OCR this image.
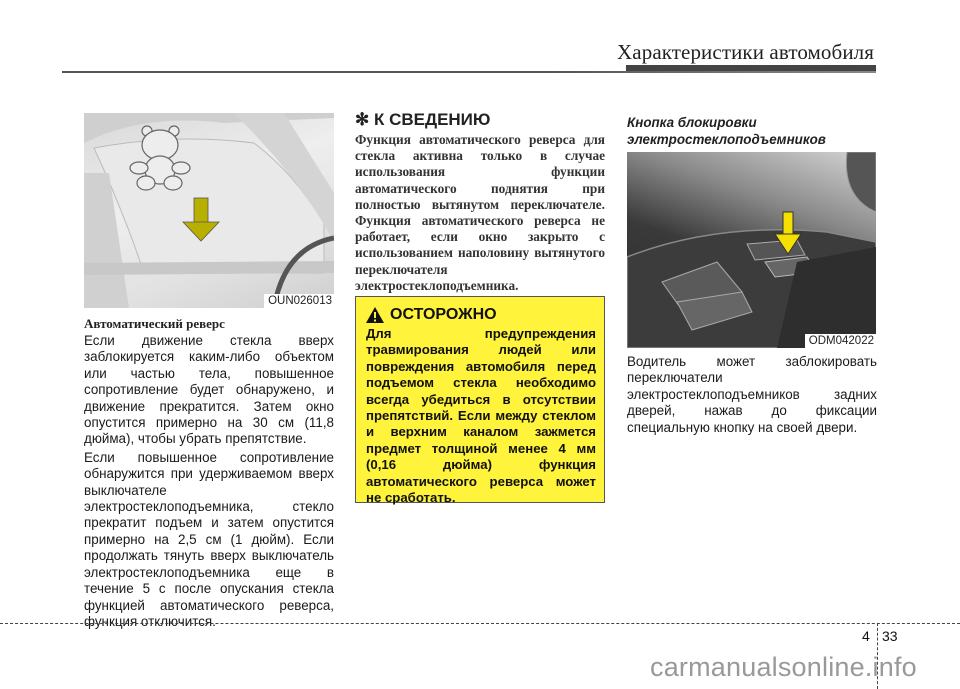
Характеристики автомобиля
OUN026013
Автоматический реверс

Если движение стекла вверх заблокируется каким-либо объектом или частью тела, повышенное сопротивление будет обнаружено, и движение прекратится. Затем окно опустится примерно на 30 см (11,8 дюйма), чтобы убрать препятствие.

Если повышенное сопротивление обнаружится при удерживаемом вверх выключателе электростеклоподъемника, стекло прекратит подъем и затем опустится примерно на 2,5 см (1 дюйм). Если продолжать тянуть вверх выключатель электростеклоподъемника еще в течение 5 с после опускания стекла функцией автоматического реверса, функция отключится.

✻ К СВЕДЕНИЮ
Функция автоматического реверса для стекла активна только в случае использования функции автоматического поднятия при полностью вытянутом переключателе. Функция автоматического реверса не работает, если окно закрыто с использованием наполовину вытянутого переключателя электростеклоподъемника.
ОСТОРОЖНО
Для предупреждения травмирования людей или повреждения автомобиля перед подъемом стекла необходимо всегда убедиться в отсутствии препятствий. Если между стеклом и верхним каналом зажмется предмет толщиной менее 4 мм (0,16 дюйма) функция автоматического реверса может не сработать.
Кнопка блокировки электростеклоподъемников
ODM042022

Водитель может заблокировать переключатели электростеклоподъемников задних дверей, нажав до фиксации специальную кнопку на своей двери.

4 33
carmanualsonline.info
